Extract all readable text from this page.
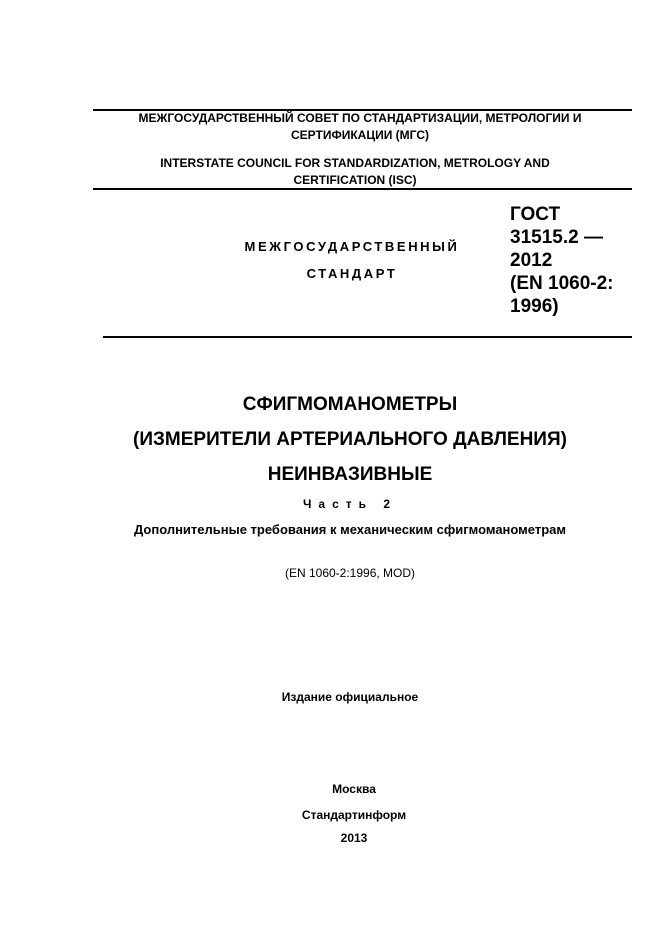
МЕЖГОСУДАРСТВЕННЫЙ СОВЕТ ПО СТАНДАРТИЗАЦИИ, МЕТРОЛОГИИ И
СЕРТИФИКАЦИИ (МГС)
INTERSTATE COUNCIL FOR STANDARDIZATION, METROLOGY AND
CERTIFICATION (ISC)
МЕЖГОСУДАРСТВЕННЫЙ
СТАНДАРТ
ГОСТ
31515.2 —
2012
(EN 1060-2:
1996)
СФИГМОМАНОМЕТРЫ
(ИЗМЕРИТЕЛИ АРТЕРИАЛЬНОГО ДАВЛЕНИЯ)
НЕИНВАЗИВНЫЕ
Часть 2
Дополнительные требования к механическим сфигмоманометрам
(EN 1060-2:1996, MOD)
Издание официальное
Москва
Стандартинформ
2013
